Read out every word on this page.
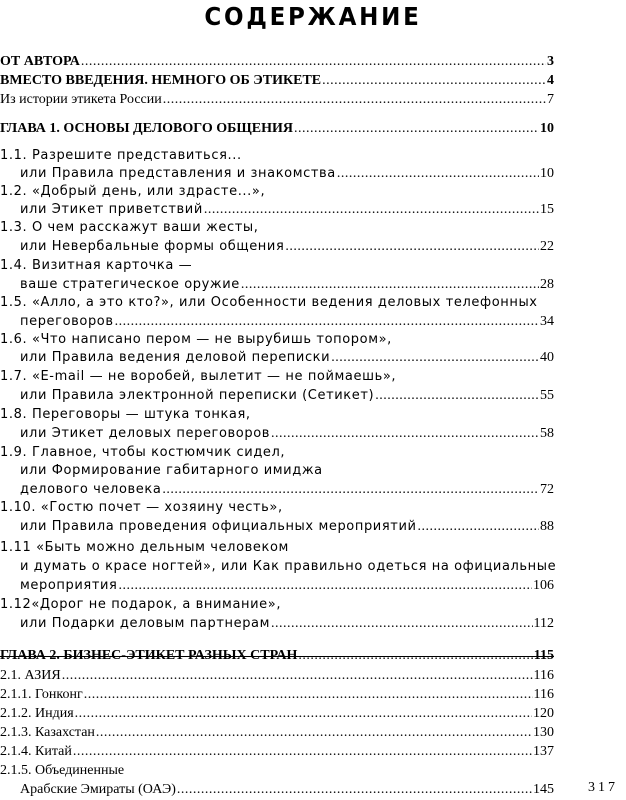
СОДЕРЖАНИЕ
ОТ АВТОРА .....	3
ВМЕСТО ВВЕДЕНИЯ. НЕМНОГО ОБ ЭТИКЕТЕ .....	4
Из истории этикета России .....	7
ГЛАВА 1. ОСНОВЫ ДЕЛОВОГО ОБЩЕНИЯ .....	10
1.1. Разрешите представиться...
или Правила представления и знакомства .....	10
1.2. «Добрый день, или здрасте...»,
или Этикет приветствий .....	15
1.3. О чем расскажут ваши жесты,
или Невербальные формы общения .....	22
1.4. Визитная карточка —
ваше стратегическое оружие .....	28
1.5. «Алло, а это кто?», или Особенности ведения деловых телефонных
переговоров .....	34
1.6. «Что написано пером — не вырубишь топором»,
или Правила ведения деловой переписки .....	40
1.7. «E-mail — не воробей, вылетит — не поймаешь»,
или Правила электронной переписки (Сетикет) .....	55
1.8. Переговоры — штука тонкая,
или Этикет деловых переговоров .....	58
1.9. Главное, чтобы костюмчик сидел,
или Формирование габитарного имиджа
делового человека .....	72
1.10. «Гостю почет — хозяину честь»,
или Правила проведения официальных мероприятий .....	88
1.11 «Быть можно дельным человеком
и думать о красе ногтей», или Как правильно одеться на официальные
мероприятия .....	106
1.12«Дорог не подарок, а внимание»,
или Подарки деловым партнерам .....	112
ГЛАВА 2. БИЗНЕС-ЭТИКЕТ РАЗНЫХ СТРАН .....	115
2.1. АЗИЯ .....	116
2.1.1. Гонконг .....	116
2.1.2. Индия .....	120
2.1.3. Казахстан .....	130
2.1.4. Китай .....	137
2.1.5. Объединенные
Арабские Эмираты (ОАЭ) .....	145 317
